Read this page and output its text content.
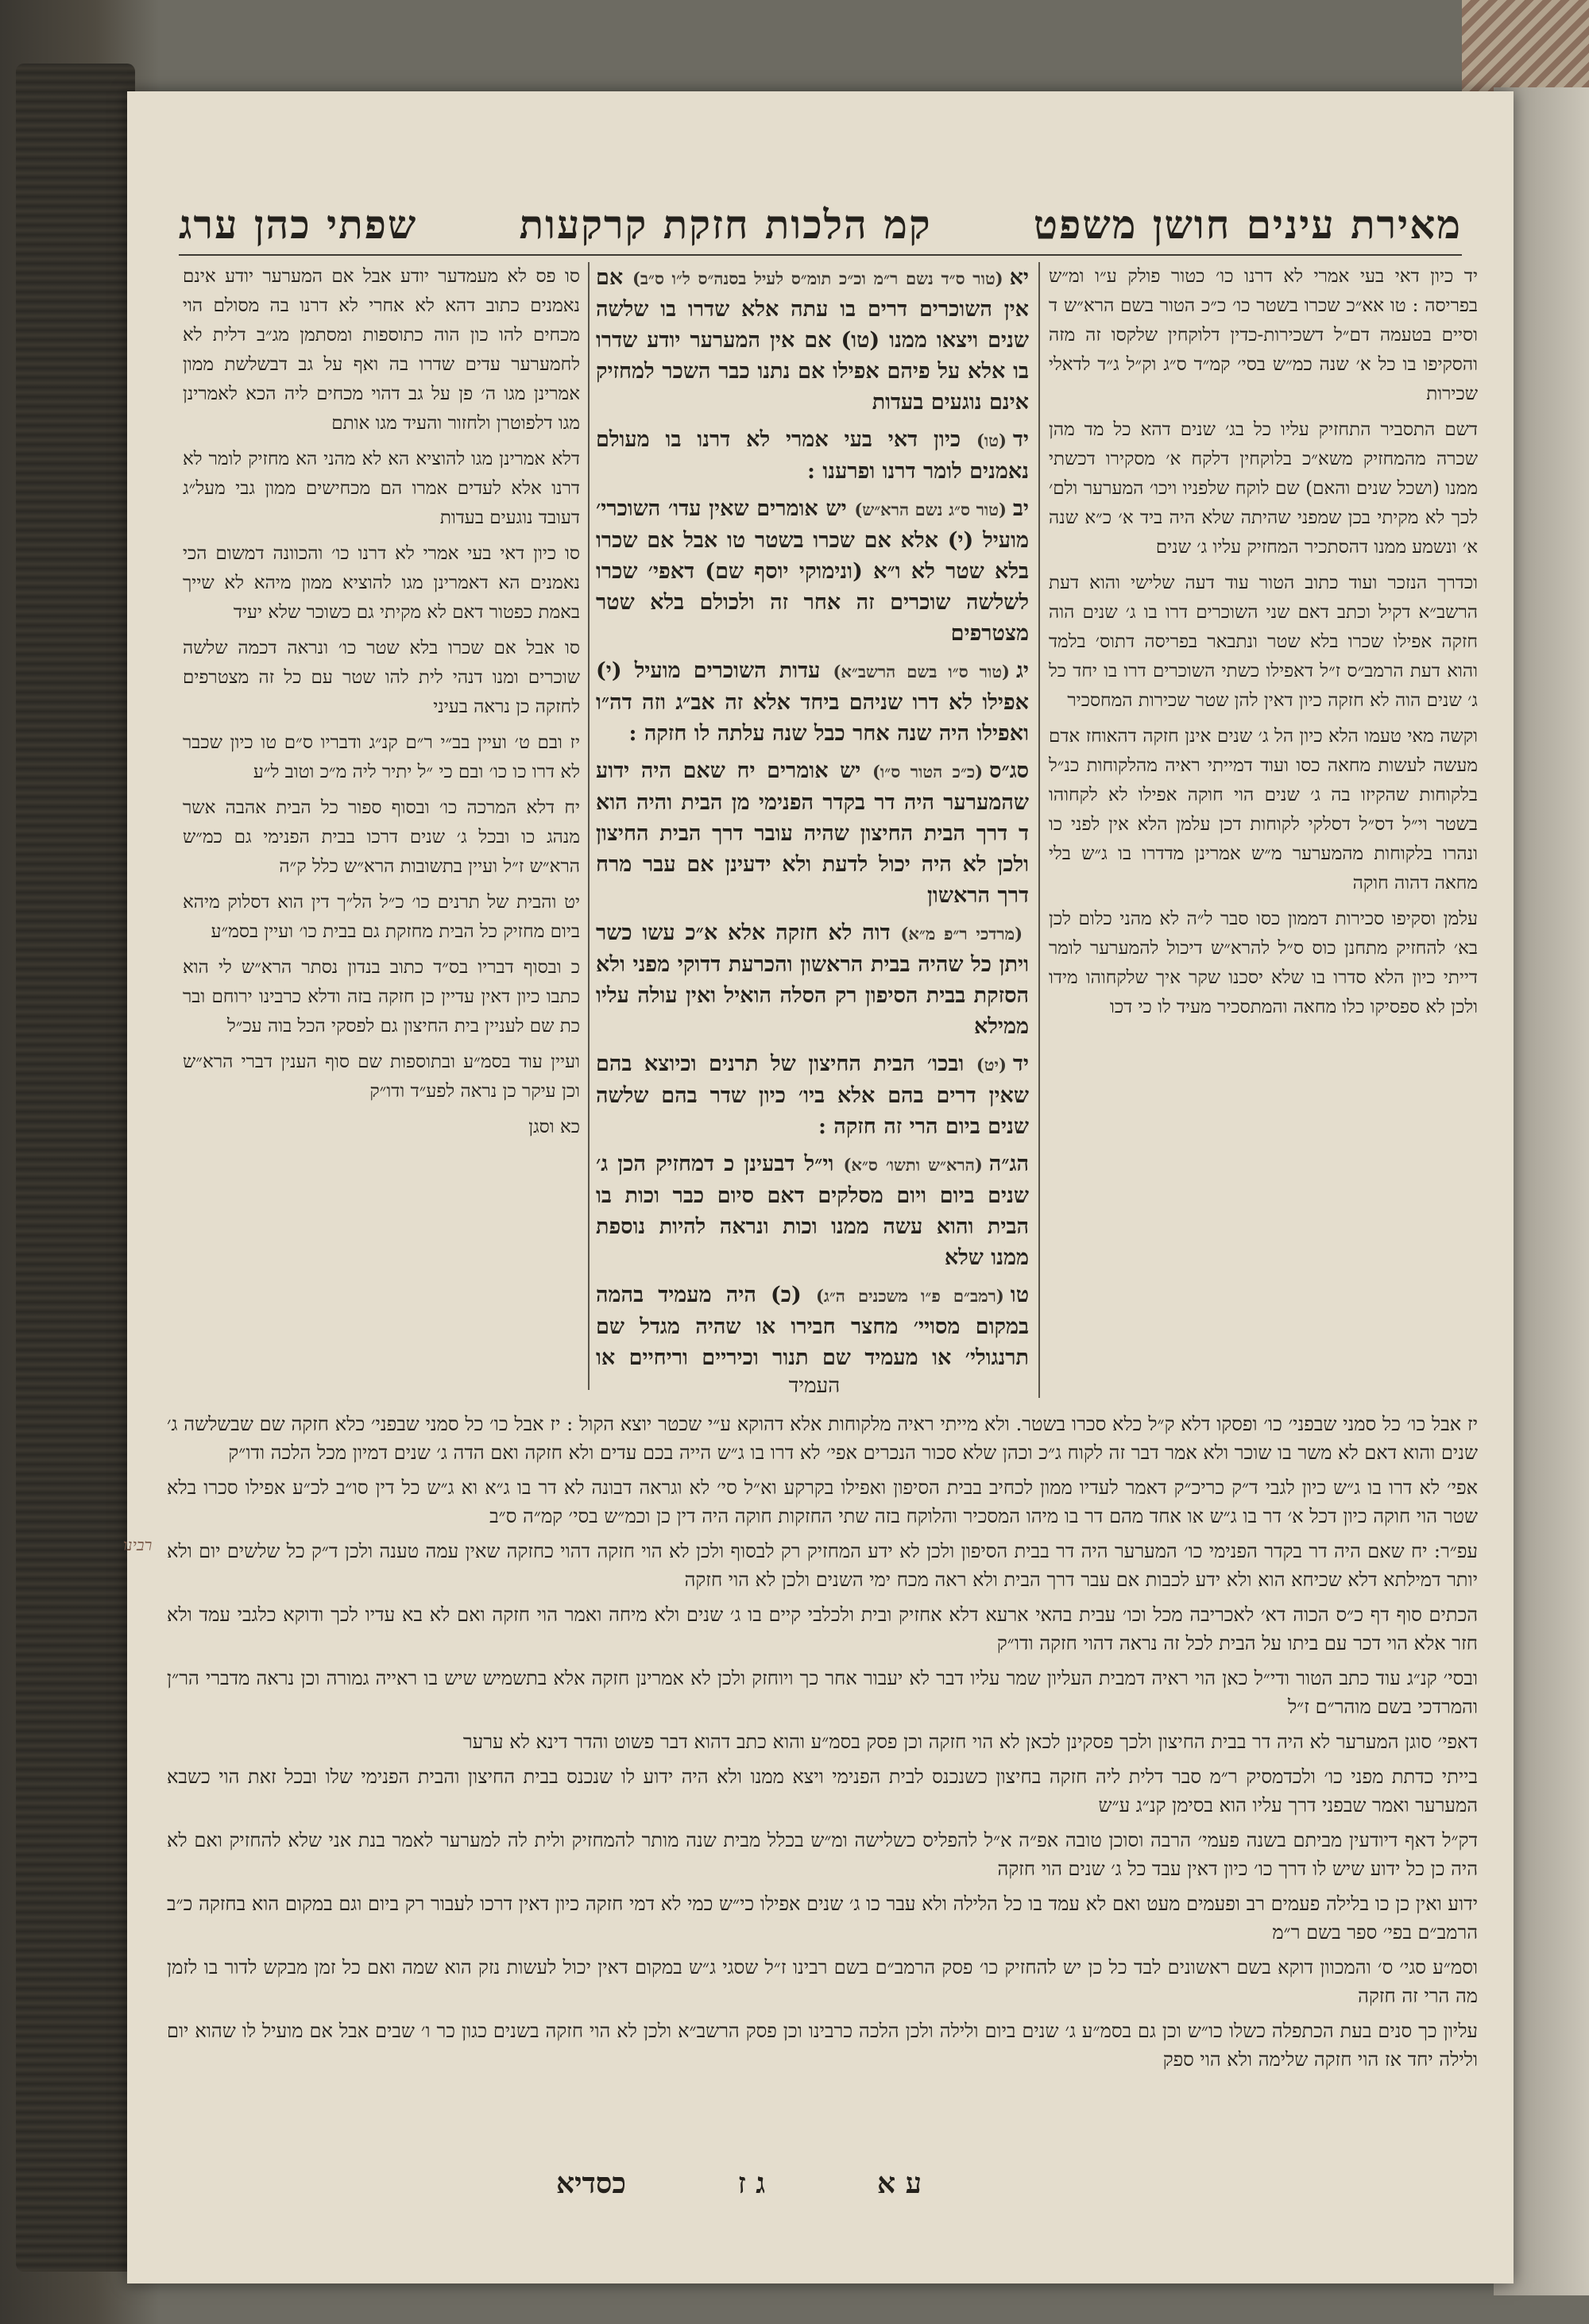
מאירת עינים חושן משפט
קמ הלכות חזקת קרקעות
שפתי כהן ערג

יד כיון דאי בעי אמרי לא דרנו כו׳ כטור פולק ע״ו ומ״ש בפריסה : טו אא״כ שכרו בשטר כו׳ כ״כ הטור בשם הרא״ש ד וסיים בטעמה דם״ל דשכירות-כדין דלוקחין שלקסו זה מזה והסקיפו בו כל א׳ שנה כמ״ש בסי׳ קמ״ד ס״ג וק״ל ג״ד לדאלי שכירות

דשם התסביר התחזיק עליו כל בג׳ שנים דהא כל מד מהן שכרה מהמחזיק משא״כ בלוקחין דלקח א׳ מסקירו דכשתי ממנו (ושכל שנים והאם) שם לוקח שלפניו ויכו׳ המערער ולם׳ לכך לא מקיתי בכן שמפני שהיתה שלא היה ביד א׳ כ״א שנה א׳ ונשמע ממנו דהסתכיר המחזיק עליו ג׳ שנים

וכדרך הנזכר ועוד כתוב הטור עוד דעה שלישי והוא דעת הרשב״א דקיל וכתב דאם שני השוכרים דרו בו ג׳ שנים הוה חזקה אפילו שכרו בלא שטר ונתבאר בפריסה דתוס׳ בלמד והוא דעת הרמב״ס ז״ל דאפילו כשתי השוכרים דרו בו יחד כל ג׳ שנים הוה לא חזקה כיון דאין להן שטר שכירות המחסכיר

וקשה מאי טעמו הלא כיון הל ג׳ שנים אינן חזקה דהאוחז אדם מעשה לעשות מחאה כסו ועוד דמייתי ראיה מהלקוחות כנ״ל בלקוחות שהקיזו בה ג׳ שנים הוי חוקה אפילו לא לקחוהו בשטר וי״ל דס״ל דסלקי לקוחות דכן עלמן הלא אין לפני כו ונהרו בלקוחות מהמערער מ״ש אמרינן מדדרו בו ג״ש בלי מחאה דהוה חוקה

עלמן וסקיפו סכירות דממון כסו סבר ל״ה לא מהני כלום לכן בא׳ להחזיק מתחנן כוס ס״ל להרא״ש דיכול להמערער לומר דייתי כיון הלא סדרו בו שלא יסכנו שקר איך שלקחוהו מידו ולכן לא ספסיקו כלו מחאה והמתסכיר מעיד לו כי דכו

יא(טור ס״ד נשם ר״מ וכ״כ תומ״ס לעיל בסנה״ס ל״ו ס״ב) אם אין השוכרים דרים בו עתה אלא שדרו בו שלשה שנים ויצאו ממנו (טו) אם אין המערער יודע שדרו בו אלא על פיהם אפילו אם נתנו כבר השכר למחזיק אינם נוגעים בעדות

יד(טו) כיון דאי בעי אמרי לא דרנו בו מעולם נאמנים לומר דרנו ופרענו :

יב(טור ס״ג נשם הרא״ש) יש אומרים שאין עדו׳ השוכרי׳ מועיל (י) אלא אם שכרו בשטר טו אבל אם שכרו בלא שטר לא ו״א (ונימוקי יוסף שם) דאפי׳ שכרו לשלשה שוכרים זה אחר זה ולכולם בלא שטר מצטרפים

יג(טור ס״ו בשם הרשב״א) עדות השוכרים מועיל (י) אפילו לא דרו שניהם ביחד אלא זה אב״ג וזה דה״ו ואפילו היה שנה אחר כבל שנה עלתה לו חזקה :

סג״ס(כ״כ הטור ס״ו) יש אומרים יח שאם היה ידוע שהמערער היה דר בקדר הפנימי מן הבית והיה הוא ד דרך הבית החיצון שהיה עובר דרך הבית החיצון ולכן לא היה יכול לדעת ולא ידעינן אם עבר מרח דרך הראשון

(מרדכי ר״פ מ״א) דוה לא חזקה אלא א״כ עשו כשר ויתן כל שהיה בבית הראשון והכרעת דדוקי מפני ולא הסזקת בבית הסיפון רק הסלה הואיל ואין עולה עליו ממילא

יד(יט) ובכו׳ הבית החיצון של תרנים וכיוצא בהם שאין דרים בהם אלא ביו׳ כיון שדר בהם שלשה שנים ביום הרי זה חזקה :

הג״ה(הרא״ש ותשו׳ ס״א) וי״ל דבעינן כ דמחזיק הכן ג׳ שנים ביום ויום מסלקים דאם סיום כבר וכות בו הבית והוא עשה ממנו וכות ונראה להיות נוספת ממנו שלא

טו(רמב״ם פ״ו משכנים ה״ג) (כ) היה מעמיד בהמה במקום מסויי׳ מחצר חבירו או שהיה מגדל שם תרנגולי׳ או מעמיד שם תנור וכיריים וריחיים או

סו פס לא מעמדער יודע אבל אם המערער יודע אינם נאמנים כתוב דהא לא אחרי לא דרנו בה מסולם הוי מכחים להו כון הוה כתוספות ומסתמן מג״ב דלית לא לחמערער עדים שדרו בה ואף על גב דבשלשת ממון אמרינן מגו ה׳ פן על גב דהוי מכחים ליה הכא לאמרינן מגו דלפוטרן ולחזור והעיד מגו אותם

דלא אמרינן מגו להוציא הא לא מהני הא מחזיק לומר לא דרנו אלא לעדים אמרו הם מכחישים ממון גבי מעל״ג דעובד נוגעים בעדות

סו כיון דאי בעי אמרי לא דרנו כו׳ והכוונה דמשום הכי נאמנים הא דאמרינן מגו להוציא ממון מיהא לא שייך באמת כפטור דאם לא מקיתי גם כשוכר שלא יעיד

סו אבל אם שכרו בלא שטר כו׳ ונראה דכמה שלשה שוכרים ומנו דנהי לית להו שטר עם כל זה מצטרפים לחזקה כן נראה בעיני

יז ובם ט׳ ועיין בב״י ר״ם קנ״ג ודבריו ס״ם טו כיון שכבר לא דרו כו כו׳ ובם כי ״ל יתיר ליה מ״כ וטוב ל״ע

יח דלא המרכה כו׳ ובסוף ספור כל הבית אהבה אשר מנהג כו ובכל ג׳ שנים דרכו בבית הפנימי גם כמ״ש הרא״ש ז״ל ועיין בתשובות הרא״ש כלל ק״ה

יט והבית של תרנים כו׳ כ״ל הל״ך דין הוא דסלוק מיהא ביום מחזיק כל הבית מחזקת גם בבית כו׳ ועיין בסמ״ע

כ ובסוף דבריו בס״ד כתוב בנדון נסתר הרא״ש לי הוא כתבו כיון דאין עדיין כן חזקה בזה ודלא כרבינו ירוחם ובר כת שם לעניין בית החיצון גם לפסקי הכל בוה עכ״ל

ועיין עוד בסמ״ע ובתוספות שם סוף הענין דברי הרא״ש וכן עיקר כן נראה לפע״ד ודו״ק

כא וסגן

העמיד

יז אבל כו׳ כל סמני שבפני׳ כו׳ ופסקו דלא ק״ל כלא סכרו בשטר. ולא מייתי ראיה מלקוחות אלא דהוקא ע״י שכטר יוצא הקול : יז אבל כו׳ כל סמני שבפני׳ כלא חזקה שם שבשלשה ג׳ שנים והוא דאם לא משר בו שוכר ולא אמר דבר זה לקוח ג״כ וכהן שלא סכור הנכרים אפי׳ לא דרו בו ג״ש הייה בכם עדים ולא חזקה ואם הדה ג׳ שנים דמיון מכל הלכה ודו״ק

אפי׳ לא דרו בו ג״ש כיון לגבי ד״ק כריכ״ק דאמר לעדיו ממון לכחיב בבית הסיפון ואפילו בקרקע וא״ל סי׳ לא וגראה דבונה לא דר בו ג״א וא ג״ש כל דין סו״ב לכ״ע אפילו סכרו בלא שטר הוי חוקה כיון דכל א׳ דר בו ג״ש או אחד מהם דר בו מיהו המסכיר והלוקח בזה שתי החזקות חוקה היה דין כן וכמ״ש בסי׳ קמ״ה ס״ב

עפ״ר: יח שאם היה דר בקדר הפנימי כו׳ המערער היה דר בבית הסיפון ולכן לא ידע המחזיק רק לבסוף ולכן לא הוי חזקה דהוי כחזקה שאין עמה טענה ולכן ד״ק כל שלשים יום ולא יותר דמילתא דלא שכיחא הוא ולא ידע לכבות אם עבר דרך הבית ולא ראה מכח ימי השנים ולכן לא הוי חזקה

הכתים סוף דף כ״ס הכוה דא׳ לאכריבה מכל וכו׳ עבית בהאי ארעא דלא אחזיק ובית ולכלבי קיים בו ג׳ שנים ולא מיחה ואמר הוי חזקה ואם לא בא עדיו לכך ודוקא כלגבי עמד ולא חזר אלא הוי דכר עם ביתו על הבית לכל זה נראה דהוי חזקה ודו״ק

ובסי׳ קנ״ג עוד כתב הטור ודי״ל כאן הוי ראיה דמבית העליון שמר עליו דבר לא יעבור אחר כך ויוחזק ולכן לא אמרינן חזקה אלא בתשמיש שיש בו ראייה גמורה וכן נראה מדברי הר״ן והמרדכי בשם מוהר״ם ז״ל

דאפי׳ סוגן המערער לא היה דר בבית החיצון ולכך פסקינן לכאן לא הוי חזקה וכן פסק בסמ״ע והוא כתב דהוא דבר פשוט והדר דינא לא ערער

בייתי כדתת מפני כו׳ ולכדמסיק ר״מ סבר דלית ליה חזקה בחיצון כשנכנס לבית הפנימי ויצא ממנו ולא היה ידוע לו שנכנס בבית החיצון והבית הפנימי שלו ובכל זאת הוי כשבא המערער ואמר שבפני דרך עליו הוא בסימן קנ״ג ע״ש

דק״ל דאף דיודעין מביתם בשנה פעמי׳ הרבה וסוכן טובה אפ״ה א״ל להפליס כשלישה ומ״ש בכלל מבית שנה מותר להמחזיק ולית לה למערער לאמר בנת אני שלא להחזיק ואם לא היה כן כל ידוע שיש לו דרך כו׳ כיון דאין עבד כל ג׳ שנים הוי חזקה

ידוע ואין כן כו בלילה פעמים רב ופעמים מעט ואם לא עמד בו כל הלילה ולא עבר כו ג׳ שנים אפילו כי״ש כמי לא דמי חזקה כיון דאין דרכו לעבור רק ביום וגם במקום הוא בחזקה כ״ב הרמב״ם בפי׳ ספר בשם ר״מ

וסמ״ע סגי׳ ס׳ והמכוון דוקא בשם ראשונים לבד כל כן יש להחזיק כו׳ פסק הרמב״ם בשם רבינו ז״ל שסגי ג״ש במקום דאין יכול לעשות נזק הוא שמה ואם כל זמן מבקש לדור בו לזמן מה הרי זה חזקה

עליון כך סנים בעת הכתפלה כשלו כו״ש וכן גם בסמ״ע ג׳ שנים ביום ולילה ולכן הלכה כרבינו וכן פסק הרשב״א ולכן לא הוי חזקה בשנים כגון כר ו׳ שבים אבל אם מועיל לו שהוא יום ולילה יחד אז הוי חזקה שלימה ולא הוי ספק

רבינו
כסדיא	ג ז	ע א
